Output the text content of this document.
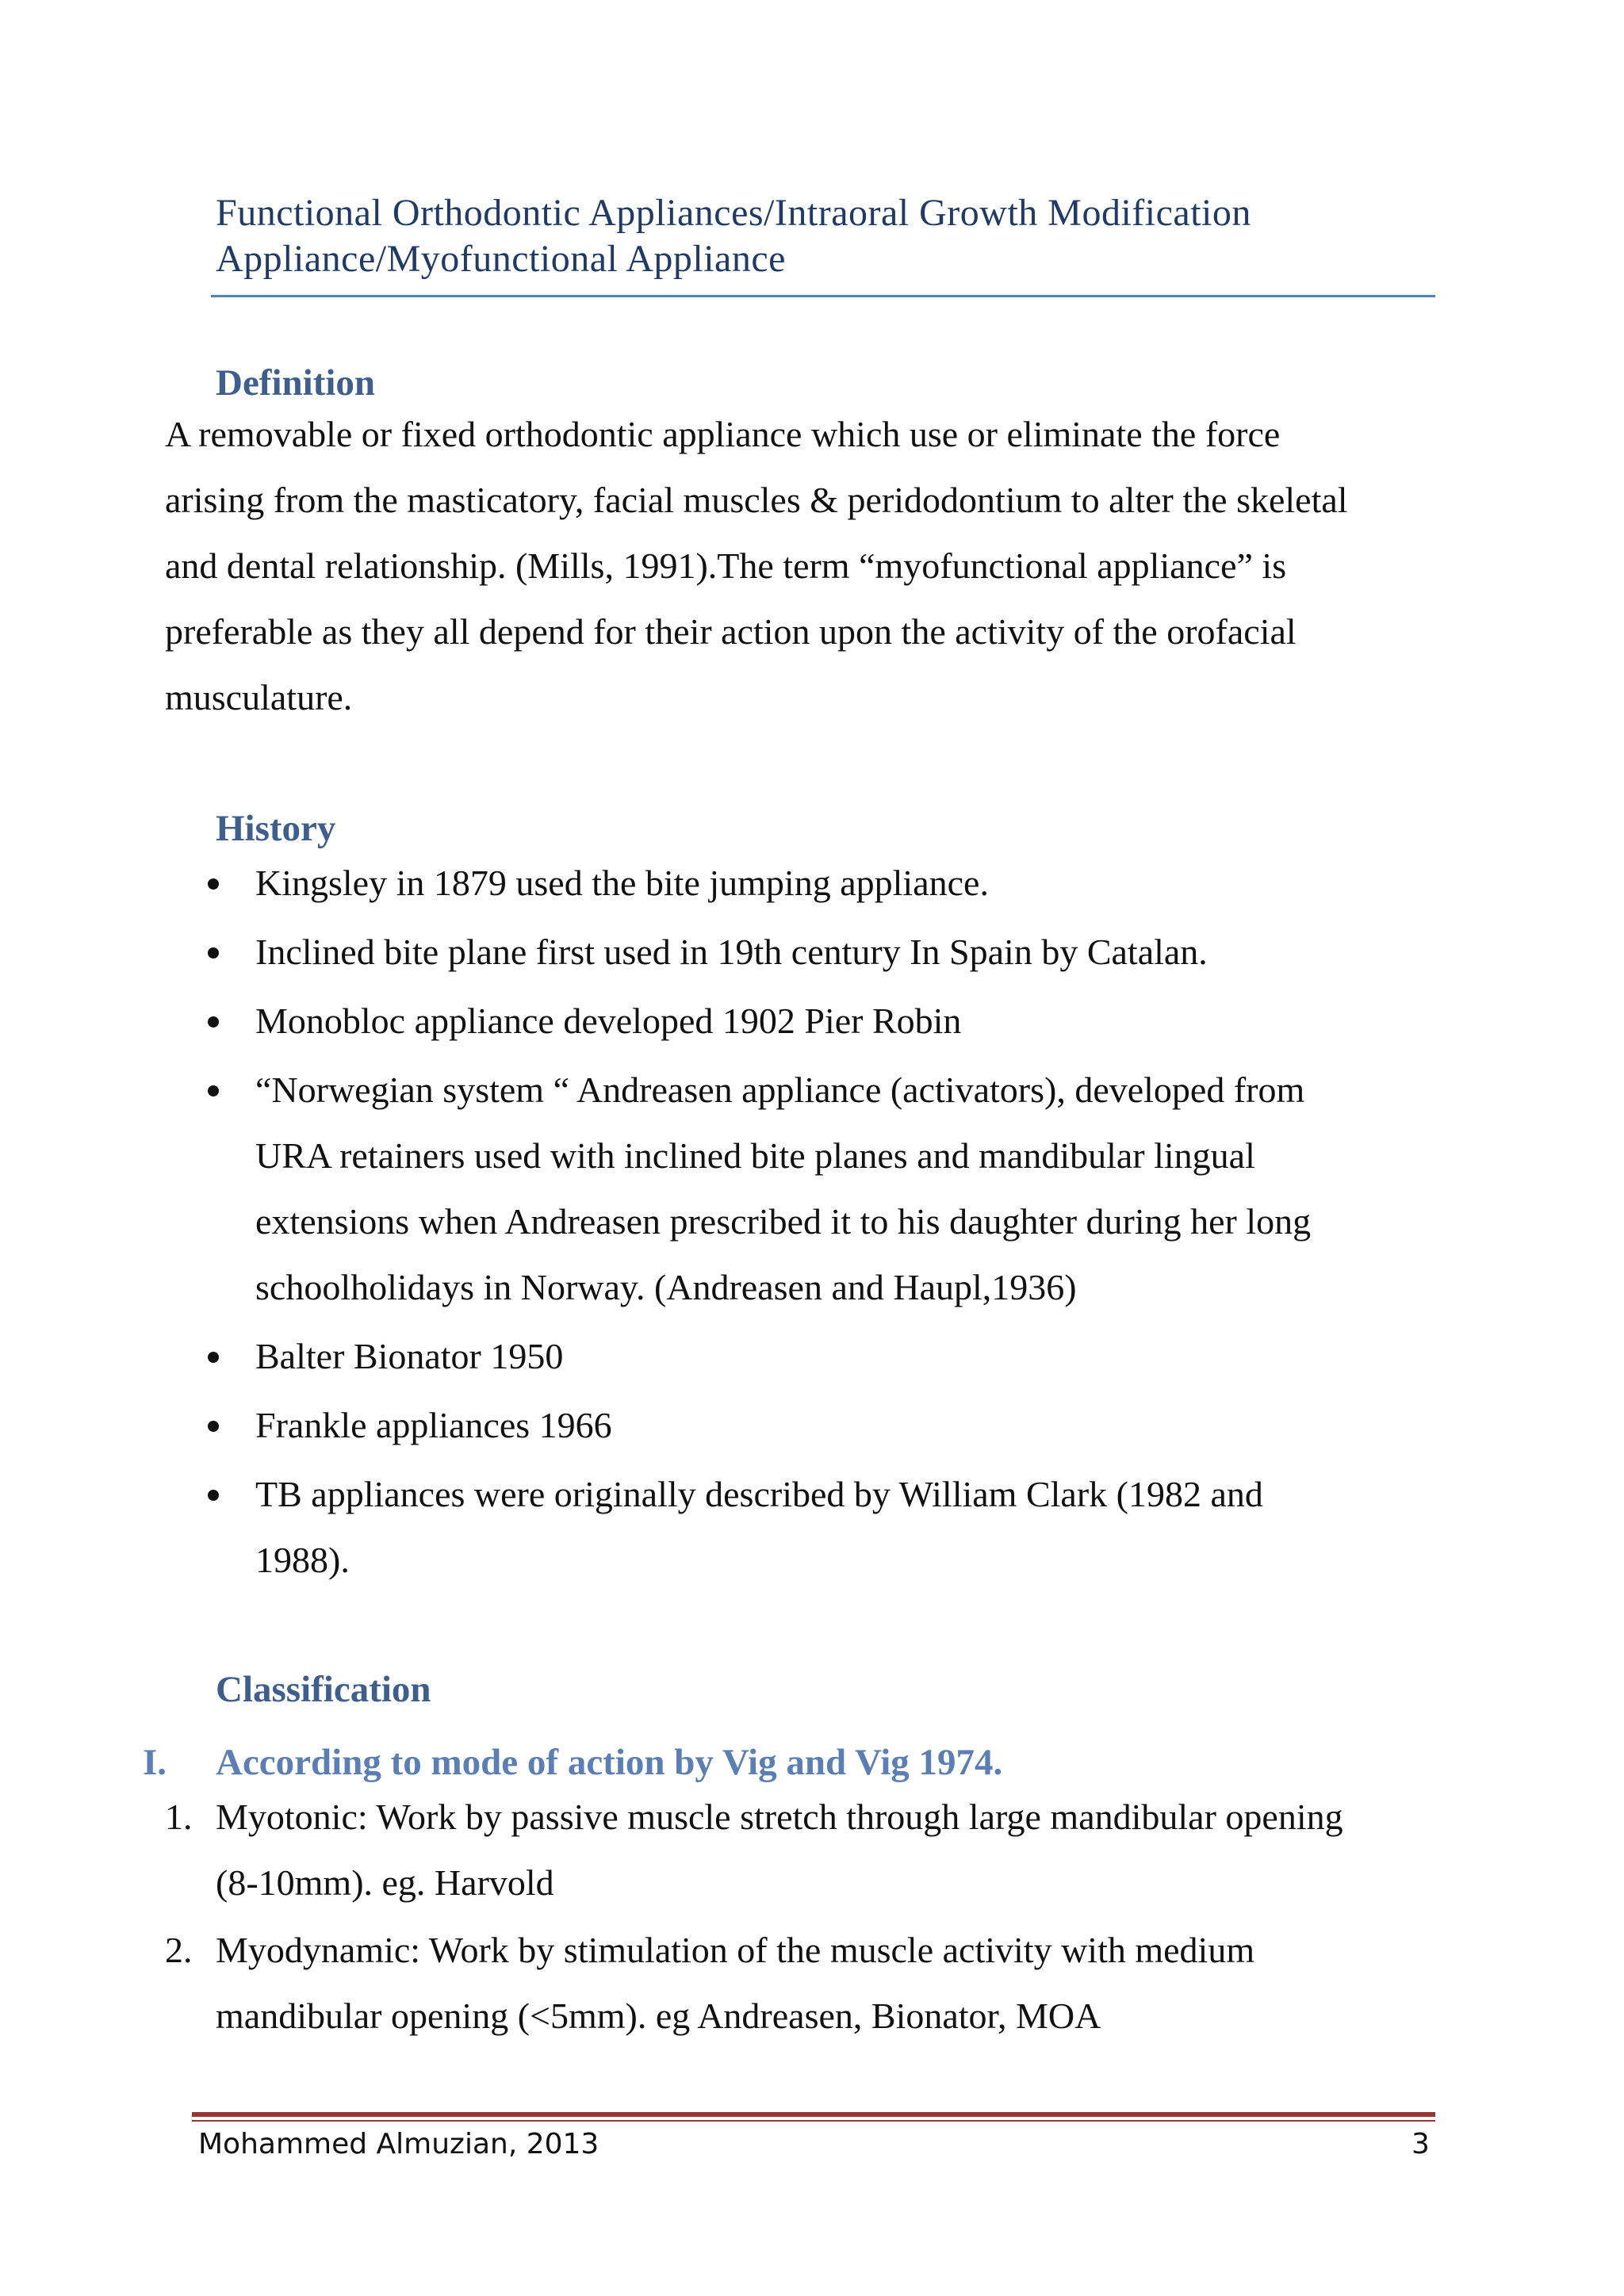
Functional Orthodontic Appliances/Intraoral Growth Modification
Appliance/Myofunctional Appliance
Definition

A removable or fixed orthodontic appliance which use or eliminate the force

arising from the masticatory, facial muscles & peridodontium to alter the skeletal

and dental relationship. (Mills, 1991).The term “myofunctional appliance” is

preferable as they all depend for their action upon the activity of the orofacial

musculature.

History
Kingsley in 1879 used the bite jumping appliance.
Inclined bite plane first used in 19th century In Spain by Catalan.
Monobloc appliance developed 1902 Pier Robin
“Norwegian system “ Andreasen appliance (activators), developed from
URA retainers used with inclined bite planes and mandibular lingual
extensions when Andreasen prescribed it to his daughter during her long
schoolholidays in Norway. (Andreasen and Haupl,1936)
Balter Bionator 1950
Frankle appliances 1966
TB appliances were originally described by William Clark (1982 and
1988).
Classification
I. According to mode of action by Vig and Vig 1974.
1. Myotonic: Work by passive muscle stretch through large mandibular opening
(8-10mm). eg. Harvold
2. Myodynamic: Work by stimulation of the muscle activity with medium
mandibular opening (<5mm). eg Andreasen, Bionator, MOA
Mohammed Almuzian, 2013	3
